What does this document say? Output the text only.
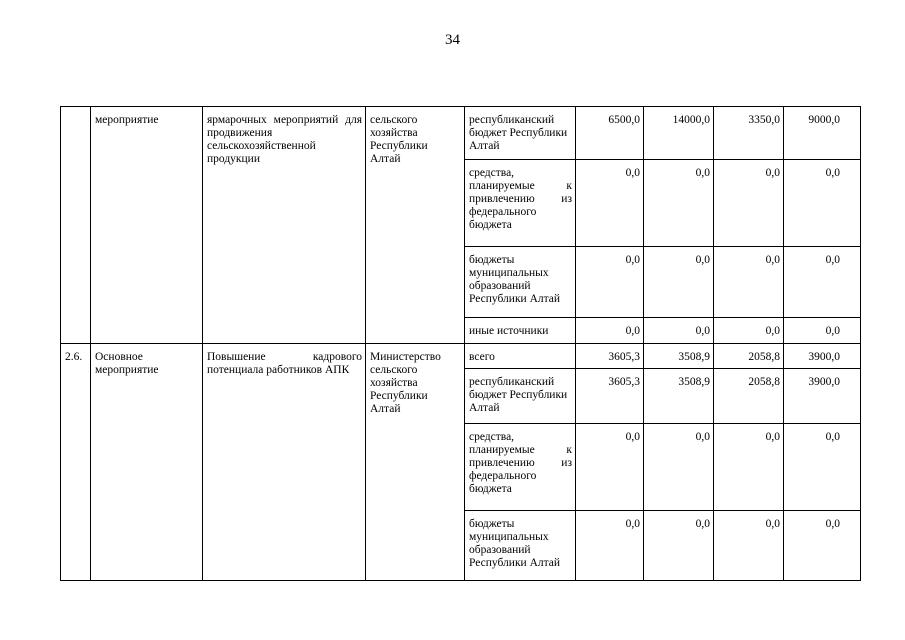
34
	мероприятие	ярмарочных мероприятий для продвижения сельскохозяйственной продукции	сельского хозяйства Республики Алтай	республиканский бюджет Республики Алтай	6500,0	14000,0	3350,0	9000,0
				средства, планируемые к привлечению из федерального бюджета	0,0	0,0	0,0	0,0
				бюджеты муниципальных образований Республики Алтай	0,0	0,0	0,0	0,0
				иные источники	0,0	0,0	0,0	0,0
2.6.	Основное мероприятие	Повышение кадрового потенциала работников АПК	Министерство сельского хозяйства Республики Алтай	всего	3605,3	3508,9	2058,8	3900,0
				республиканский бюджет Республики Алтай	3605,3	3508,9	2058,8	3900,0
				средства, планируемые к привлечению из федерального бюджета	0,0	0,0	0,0	0,0
				бюджеты муниципальных образований Республики Алтай	0,0	0,0	0,0	0,0
